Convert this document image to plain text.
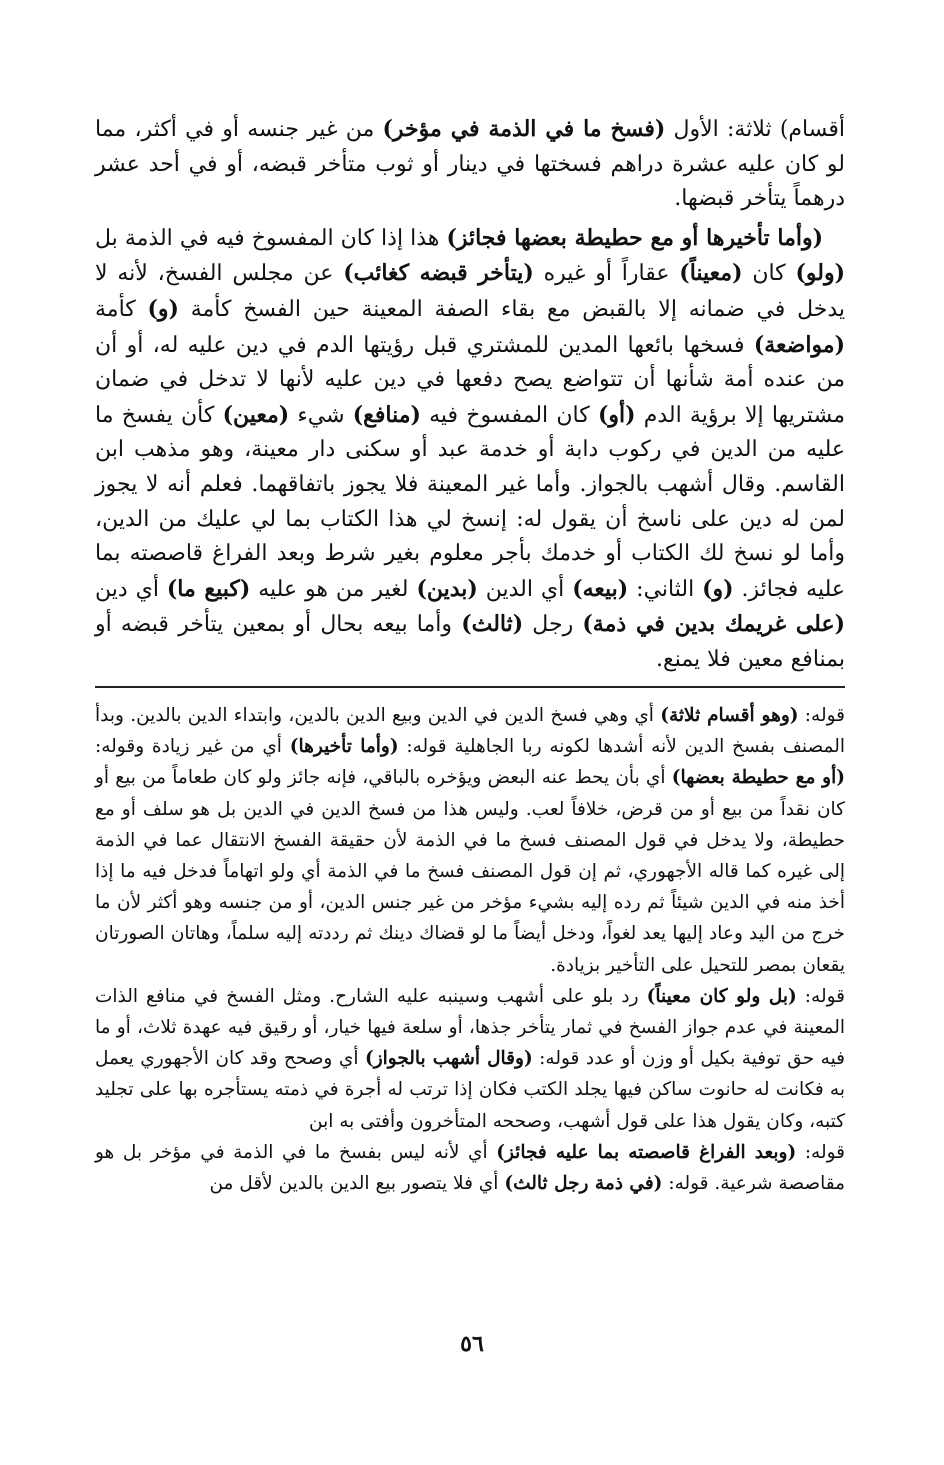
أقسام) ثلاثة: الأول (فسخ ما في الذمة في مؤخر) من غير جنسه أو في أكثر، مما لو كان عليه عشرة دراهم فسختها في دينار أو ثوب متأخر قبضه، أو في أحد عشر درهماً يتأخر قبضها.

(وأما تأخيرها أو مع حطيطة بعضها فجائز) هذا إذا كان المفسوخ فيه في الذمة بل (ولو) كان (معيناً) عقاراً أو غيره (يتأخر قبضه كغائب) عن مجلس الفسخ، لأنه لا يدخل في ضمانه إلا بالقبض مع بقاء الصفة المعينة حين الفسخ كأمة (و) كأمة (مواضعة) فسخها بائعها المدين للمشتري قبل رؤيتها الدم في دين عليه له، أو أن من عنده أمة شأنها أن تتواضع يصح دفعها في دين عليه لأنها لا تدخل في ضمان مشتريها إلا برؤية الدم (أو) كان المفسوخ فيه (منافع) شيء (معين) كأن يفسخ ما عليه من الدين في ركوب دابة أو خدمة عبد أو سكنى دار معينة، وهو مذهب ابن القاسم. وقال أشهب بالجواز. وأما غير المعينة فلا يجوز باتفاقهما. فعلم أنه لا يجوز لمن له دين على ناسخ أن يقول له: إنسخ لي هذا الكتاب بما لي عليك من الدين، وأما لو نسخ لك الكتاب أو خدمك بأجر معلوم بغير شرط وبعد الفراغ قاصصته بما عليه فجائز. (و) الثاني: (بيعه) أي الدين (بدين) لغير من هو عليه (كبيع ما) أي دين (على غريمك بدين في ذمة) رجل (ثالث) وأما بيعه بحال أو بمعين يتأخر قبضه أو بمنافع معين فلا يمنع.

قوله: (وهو أقسام ثلاثة) أي وهي فسخ الدين في الدين وبيع الدين بالدين، وابتداء الدين بالدين. وبدأ المصنف بفسخ الدين لأنه أشدها لكونه ربا الجاهلية قوله: (وأما تأخيرها) أي من غير زيادة وقوله: (أو مع حطيطة بعضها) أي بأن يحط عنه البعض ويؤخره بالباقي، فإنه جائز ولو كان طعاماً من بيع أو كان نقداً من بيع أو من قرض، خلافاً لعب. وليس هذا من فسخ الدين في الدين بل هو سلف أو مع حطيطة، ولا يدخل في قول المصنف فسخ ما في الذمة لأن حقيقة الفسخ الانتقال عما في الذمة إلى غيره كما قاله الأجهوري، ثم إن قول المصنف فسخ ما في الذمة أي ولو اتهاماً فدخل فيه ما إذا أخذ منه في الدين شيئاً ثم رده إليه بشيء مؤخر من غير جنس الدين، أو من جنسه وهو أكثر لأن ما خرج من اليد وعاد إليها يعد لغواً، ودخل أيضاً ما لو قضاك دينك ثم رددته إليه سلماً، وهاتان الصورتان يقعان بمصر للتحيل على التأخير بزيادة.

قوله: (بل ولو كان معيناً) رد بلو على أشهب وسينبه عليه الشارح. ومثل الفسخ في منافع الذات المعينة في عدم جواز الفسخ في ثمار يتأخر جذها، أو سلعة فيها خيار، أو رقيق فيه عهدة ثلاث، أو ما فيه حق توفية بكيل أو وزن أو عدد قوله: (وقال أشهب بالجواز) أي وصحح وقد كان الأجهوري يعمل به فكانت له حانوت ساكن فيها يجلد الكتب فكان إذا ترتب له أجرة في ذمته يستأجره بها على تجليد كتبه، وكان يقول هذا على قول أشهب، وصححه المتأخرون وأفتى به ابن

قوله: (وبعد الفراغ قاصصته بما عليه فجائز) أي لأنه ليس بفسخ ما في الذمة في مؤخر بل هو مقاصصة شرعية. قوله: (في ذمة رجل ثالث) أي فلا يتصور بيع الدين بالدين لأقل من

٥٦
